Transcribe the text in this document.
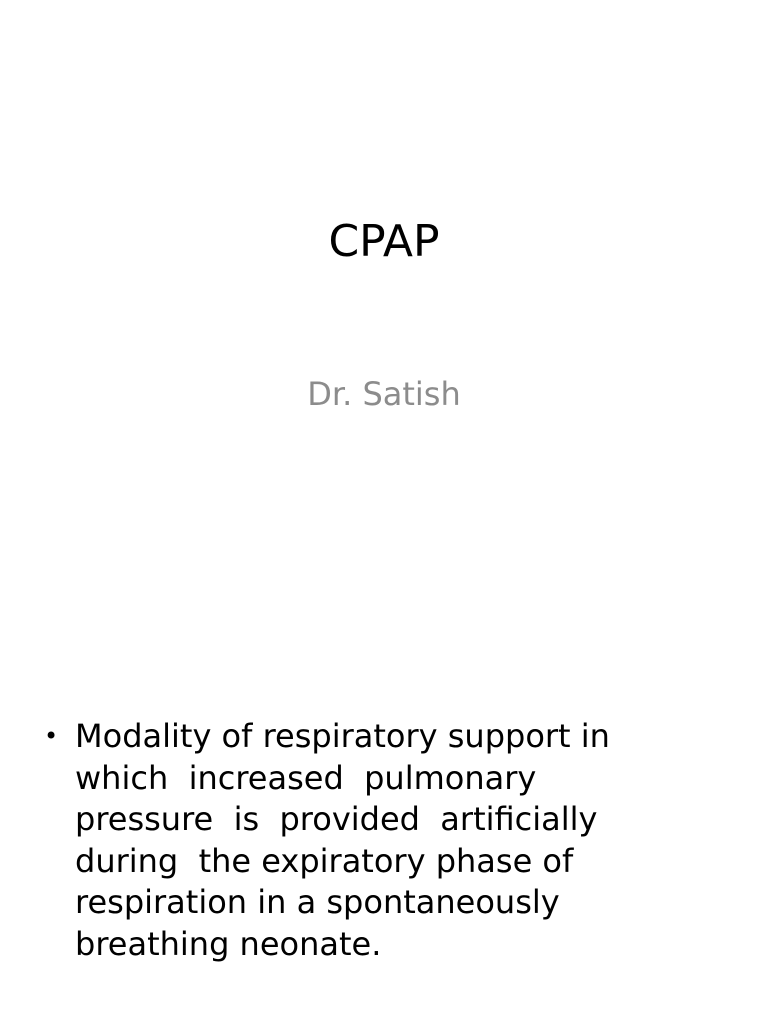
CPAP
Dr. Satish
• Modality of respiratory support in
which  increased  pulmonary
pressure  is  provided  artificially
during  the expiratory phase of
respiration in a spontaneously
breathing neonate.
